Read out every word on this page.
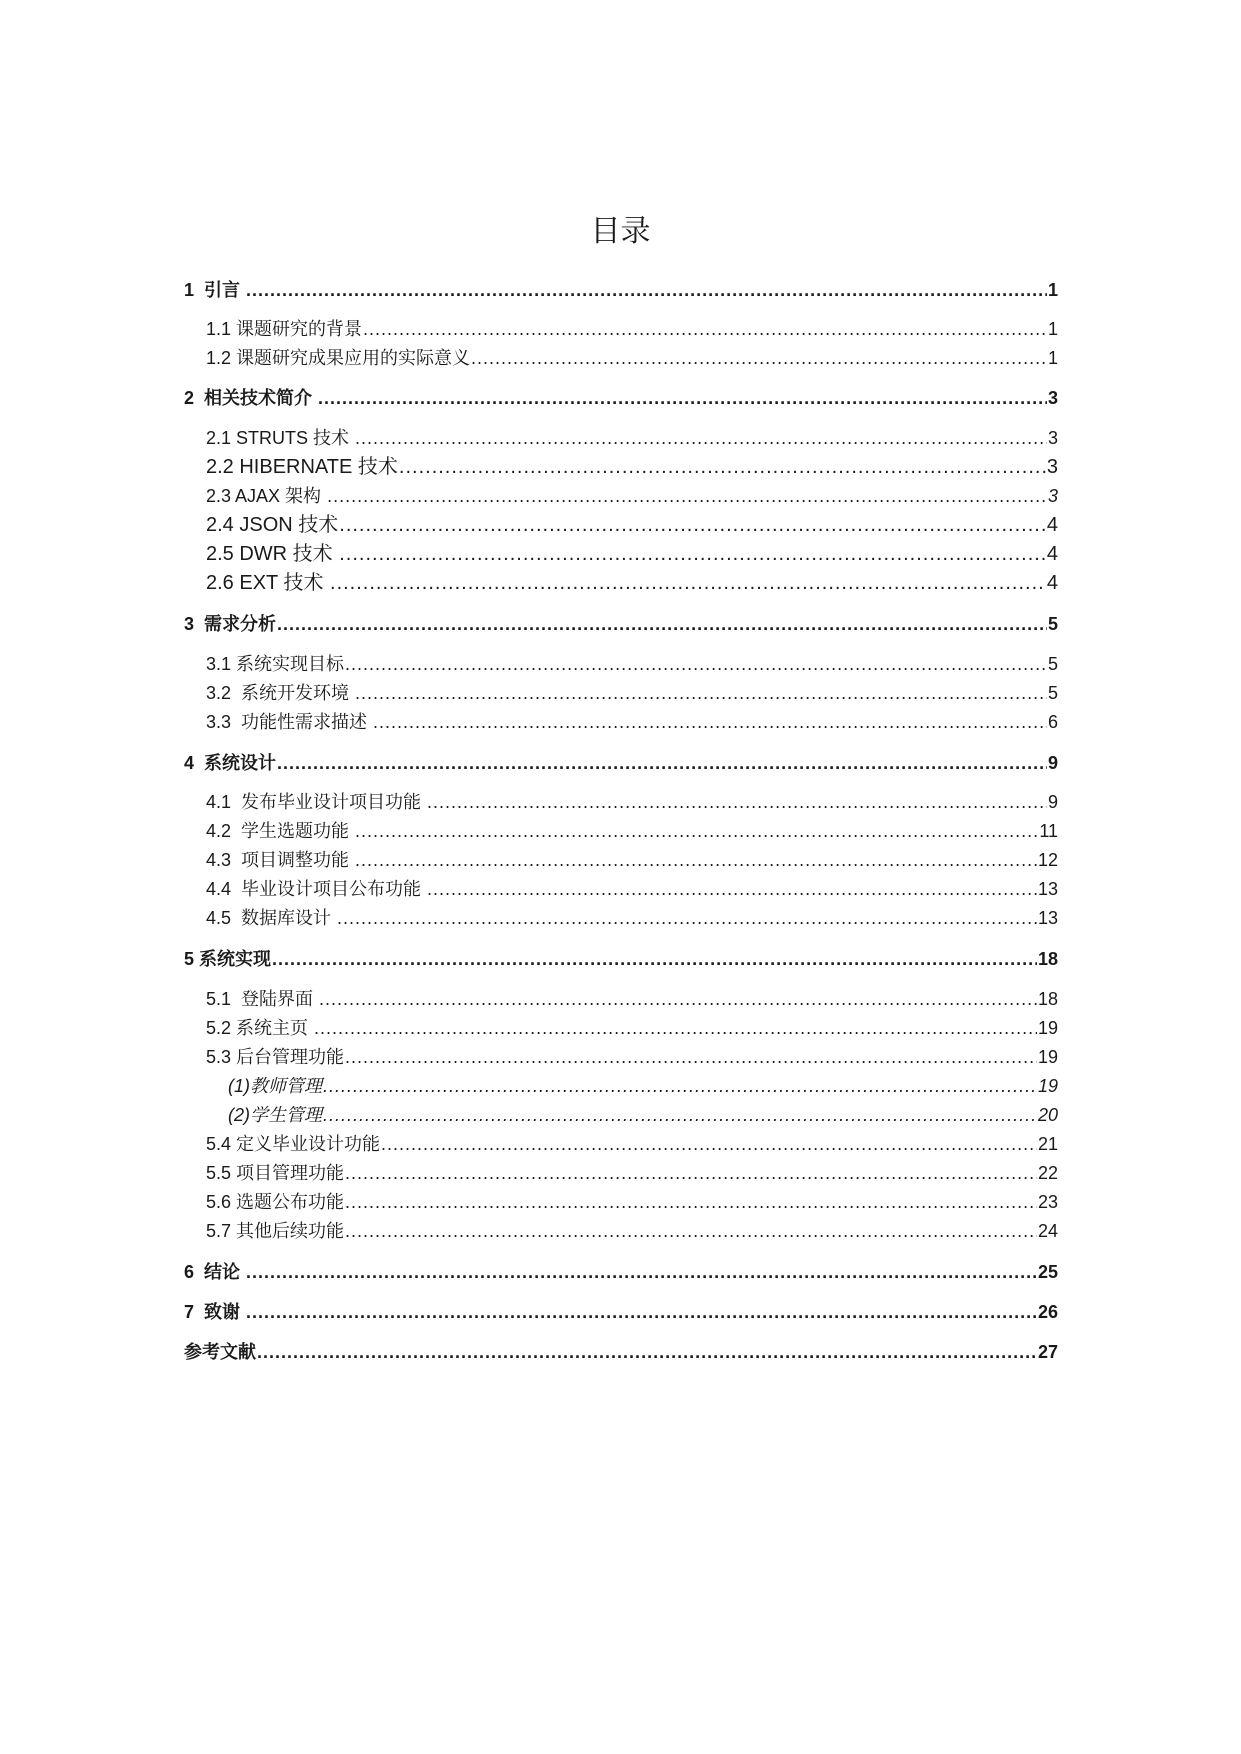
目录
1  引言 .....	1
1.1 课题研究的背景 .....	1
1.2 课题研究成果应用的实际意义 .....	1
2  相关技术简介 .....	3
2.1 STRUTS 技术 .....	3
2.2 HIBERNATE 技术 .....	3
2.3 AJAX 架构 .....	3
2.4 JSON 技术 .....	4
2.5 DWR 技术 .....	4
2.6 EXT 技术 .....	4
3  需求分析 .....	5
3.1 系统实现目标 .....	5
3.2  系统开发环境 .....	5
3.3  功能性需求描述 .....	6
4  系统设计 .....	9
4.1  发布毕业设计项目功能 .....	9
4.2  学生选题功能 .....	11
4.3  项目调整功能 .....	12
4.4  毕业设计项目公布功能 .....	13
4.5  数据库设计 .....	13
5 系统实现 .....	18
5.1  登陆界面 .....	18
5.2 系统主页 .....	19
5.3 后台管理功能 .....	19
(1)教师管理 .....	19
(2)学生管理 .....	20
5.4 定义毕业设计功能 .....	21
5.5 项目管理功能 .....	22
5.6 选题公布功能 .....	23
5.7 其他后续功能 .....	24
6  结论 .....	25
7  致谢 .....	26
参考文献 .....	27
